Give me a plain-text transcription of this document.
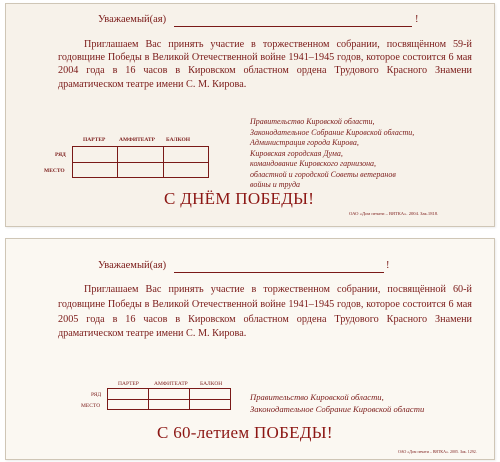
Уважаемый(ая)	!

Приглашаем Вас принять участие в торжественном собрании, посвящённом 59-й годовщине Победы в Великой Отечественной войне 1941–1945 годов, которое состоится 6 мая 2004 года в 16 часов в Кировском областном ордена Трудового Красного Знамени драматическом театре имени С. М. Кирова.

ПАРТЕР АМФИТЕАТР БАЛКОН
РЯД
МЕСТО

Правительство Кировской области,
Законодательное Собрание Кировской области,
Администрация города Кирова,
Кировская городская Дума,
командование Кировского гарнизона,
областной и городской Советы ветеранов
войны и труда
С ДНЁМ ПОБЕДЫ!
ОАО «Дом печати – ВЯТКА». 2004. Зак.1818.
Уважаемый(ая)	!

Приглашаем Вас принять участие в торжественном собрании, посвящённой 60-й годовщине Победы в Великой Отечественной войне 1941–1945 годов, которое состоится 6 мая 2005 года в 16 часов в Кировском областном ордена Трудового Красного Знамени драматическом театре имени С. М. Кирова.

ПАРТЕР	АМФИТЕАТР БАЛКОН
РЯД
МЕСТО

Правительство Кировской области,
Законодательное Собрание Кировской области
С 60-летием ПОБЕДЫ!
ОАО «Дом печати – ВЯТКА». 2005. Зак. 1292.
